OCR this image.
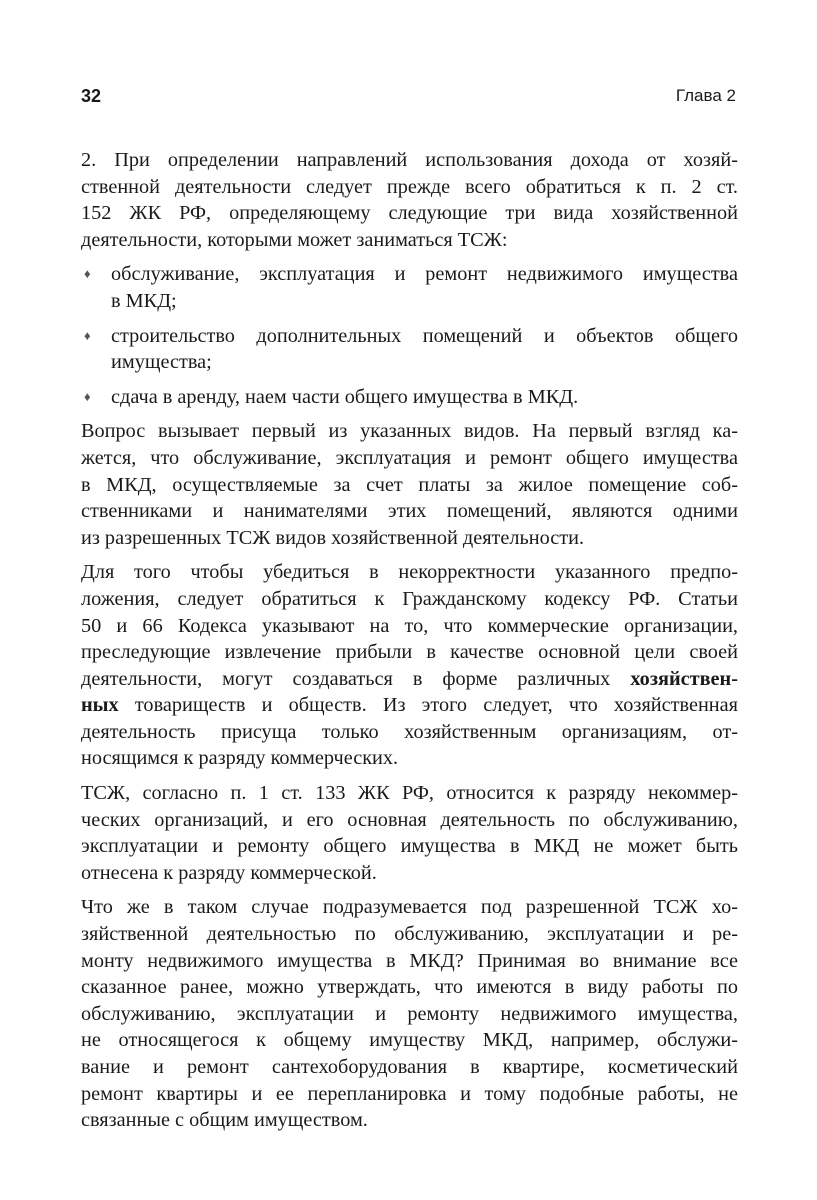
32	Глава 2
2. При определении направлений использования дохода от хозяй-
ственной деятельности следует прежде всего обратиться к п. 2 ст.
152 ЖК РФ, определяющему следующие три вида хозяйственной
деятельности, которыми может заниматься ТСЖ:
♦ обслуживание, эксплуатация и ремонт недвижимого имущества
в МКД;
♦ строительство дополнительных помещений и объектов общего
имущества;
♦ сдача в аренду, наем части общего имущества в МКД.
Вопрос вызывает первый из указанных видов. На первый взгляд ка-
жется, что обслуживание, эксплуатация и ремонт общего имущества
в МКД, осуществляемые за счет платы за жилое помещение соб-
ственниками и нанимателями этих помещений, являются одними
из разрешенных ТСЖ видов хозяйственной деятельности.
Для того чтобы убедиться в некорректности указанного предпо-
ложения, следует обратиться к Гражданскому кодексу РФ. Статьи
50 и 66 Кодекса указывают на то, что коммерческие организации,
преследующие извлечение прибыли в качестве основной цели своей
деятельности, могут создаваться в форме различных хозяйствен-
ных товариществ и обществ. Из этого следует, что хозяйственная
деятельность присуща только хозяйственным организациям, от-
носящимся к разряду коммерческих.
ТСЖ, согласно п. 1 ст. 133 ЖК РФ, относится к разряду некоммер-
ческих организаций, и его основная деятельность по обслуживанию,
эксплуатации и ремонту общего имущества в МКД не может быть
отнесена к разряду коммерческой.
Что же в таком случае подразумевается под разрешенной ТСЖ хо-
зяйственной деятельностью по обслуживанию, эксплуатации и ре-
монту недвижимого имущества в МКД? Принимая во внимание все
сказанное ранее, можно утверждать, что имеются в виду работы по
обслуживанию, эксплуатации и ремонту недвижимого имущества,
не относящегося к общему имуществу МКД, например, обслужи-
вание и ремонт сантехоборудования в квартире, косметический
ремонт квартиры и ее перепланировка и тому подобные работы, не
связанные с общим имуществом.
